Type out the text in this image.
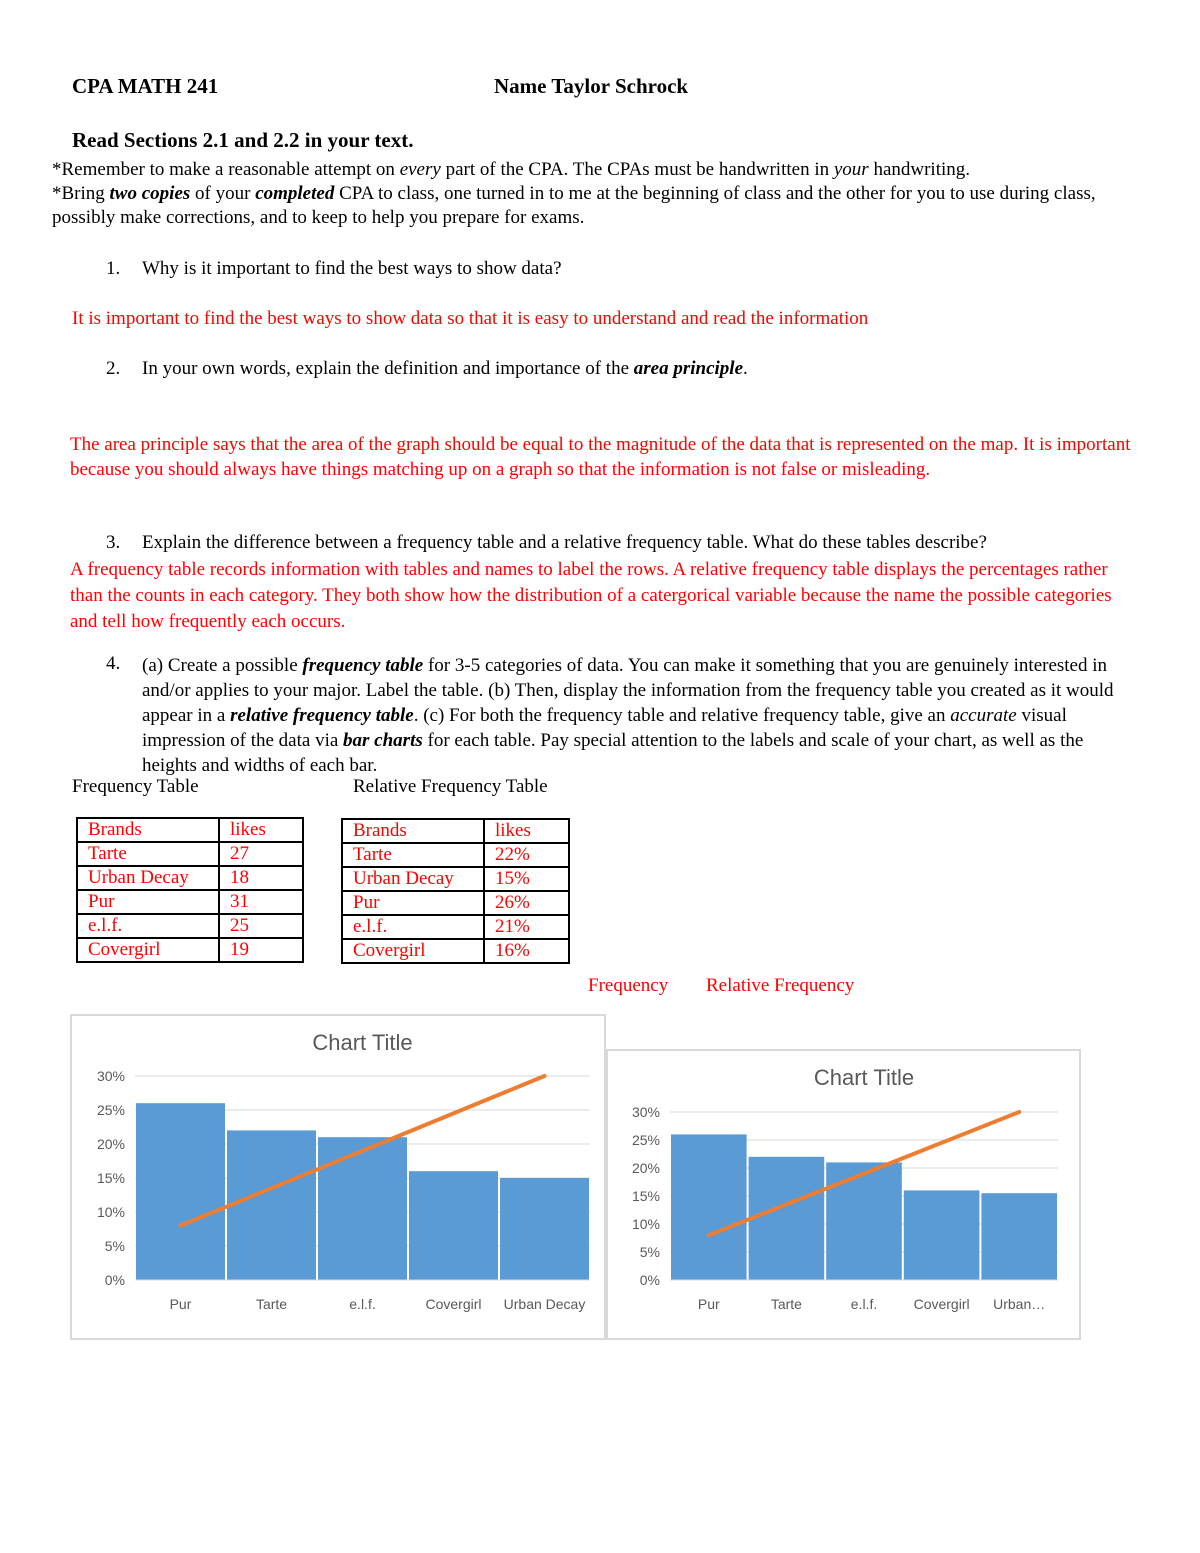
CPA MATH 241	Name Taylor Schrock
Read Sections 2.1 and 2.2 in your text.
*Remember to make a reasonable attempt on every part of the CPA. The CPAs must be handwritten in your handwriting.
*Bring two copies of your completed CPA to class, one turned in to me at the beginning of class and the other for you to use during class,
possibly make corrections, and to keep to help you prepare for exams.
1. Why is it important to find the best ways to show data?
It is important to find the best ways to show data so that it is easy to understand and read the information
2. In your own words, explain the definition and importance of the area principle.
The area principle says that the area of the graph should be equal to the magnitude of the data that is represented on the map. It is important because you should always have things matching up on a graph so that the information is not false or misleading.
3. Explain the difference between a frequency table and a relative frequency table. What do these tables describe?
A frequency table records information with tables and names to label the rows. A relative frequency table displays the percentages rather than the counts in each category. They both show how the distribution of a catergorical variable because the name the possible categories and tell how frequently each occurs.
4. (a) Create a possible frequency table for 3-5 categories of data. You can make it something that you are genuinely interested in and/or applies to your major. Label the table. (b) Then, display the information from the frequency table you created as it would appear in a relative frequency table. (c) For both the frequency table and relative frequency table, give an accurate visual impression of the data via bar charts for each table. Pay special attention to the labels and scale of your chart, as well as the heights and widths of each bar.
Frequency Table	Relative Frequency Table
Brands	likes
Tarte	27
Urban Decay	18
Pur	31
e.l.f.	25
Covergirl	19
Brands	likes
Tarte	22%
Urban Decay	15%
Pur	26%
e.l.f.	21%
Covergirl	16%
Frequency Relative Frequency
Chart Title
0%
5%
10%
15%
20%
25%
30%
Pur	Tarte	e.l.f.	Covergirl Urban Decay
Chart Title
0%
5%
10%
15%
20%
25%
30%
Pur	Tarte	e.l.f.	Covergirl Urban…
